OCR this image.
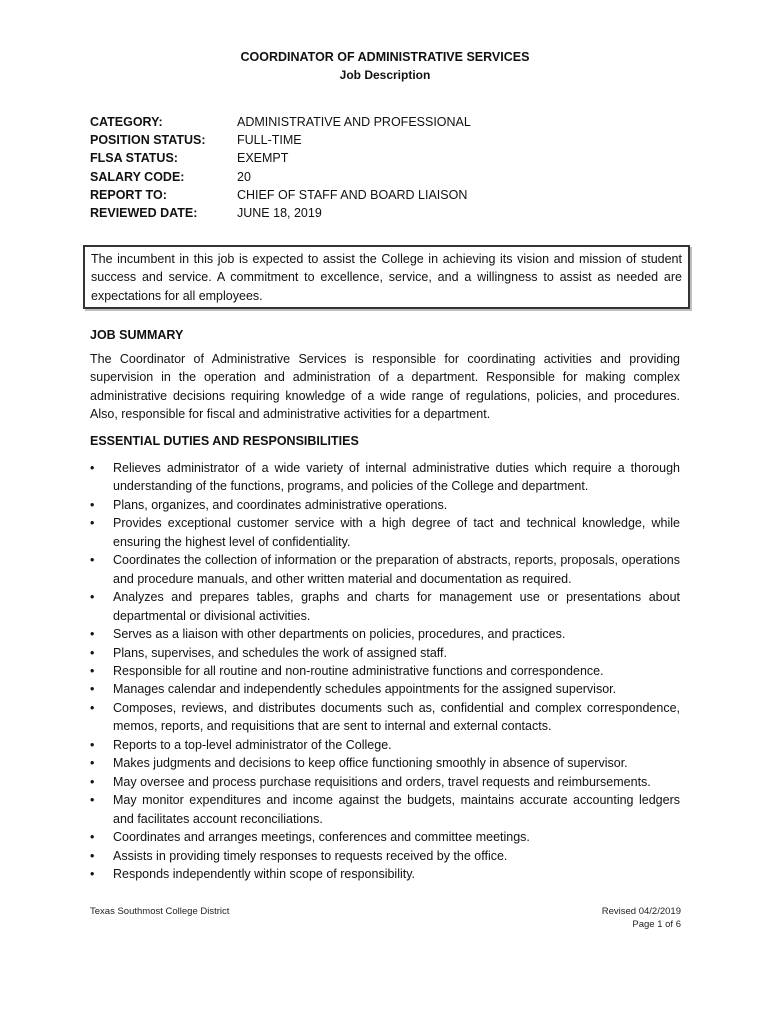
COORDINATOR OF ADMINISTRATIVE SERVICES
Job Description
CATEGORY:	ADMINISTRATIVE AND PROFESSIONAL
POSITION STATUS:	FULL-TIME
FLSA STATUS:	EXEMPT
SALARY CODE:	20
REPORT TO:	CHIEF OF STAFF AND BOARD LIAISON
REVIEWED DATE:	JUNE 18, 2019
The incumbent in this job is expected to assist the College in achieving its vision and mission of student success and service. A commitment to excellence, service, and a willingness to assist as needed are expectations for all employees.
JOB SUMMARY

The Coordinator of Administrative Services is responsible for coordinating activities and providing supervision in the operation and administration of a department. Responsible for making complex administrative decisions requiring knowledge of a wide range of regulations, policies, and procedures. Also, responsible for fiscal and administrative activities for a department.

ESSENTIAL DUTIES AND RESPONSIBILITIES
• Relieves administrator of a wide variety of internal administrative duties which require a thorough understanding of the functions, programs, and policies of the College and department.
• Plans, organizes, and coordinates administrative operations.
• Provides exceptional customer service with a high degree of tact and technical knowledge, while ensuring the highest level of confidentiality.
• Coordinates the collection of information or the preparation of abstracts, reports, proposals, operations and procedure manuals, and other written material and documentation as required.
• Analyzes and prepares tables, graphs and charts for management use or presentations about departmental or divisional activities.
• Serves as a liaison with other departments on policies, procedures, and practices.
• Plans, supervises, and schedules the work of assigned staff.
• Responsible for all routine and non-routine administrative functions and correspondence.
• Manages calendar and independently schedules appointments for the assigned supervisor.
• Composes, reviews, and distributes documents such as, confidential and complex correspondence, memos, reports, and requisitions that are sent to internal and external contacts.
• Reports to a top-level administrator of the College.
• Makes judgments and decisions to keep office functioning smoothly in absence of supervisor.
• May oversee and process purchase requisitions and orders, travel requests and reimbursements.
• May monitor expenditures and income against the budgets, maintains accurate accounting ledgers and facilitates account reconciliations.
• Coordinates and arranges meetings, conferences and committee meetings.
• Assists in providing timely responses to requests received by the office.
• Responds independently within scope of responsibility.
Texas Southmost College District	Revised 04/2/2019
Page 1 of 6
